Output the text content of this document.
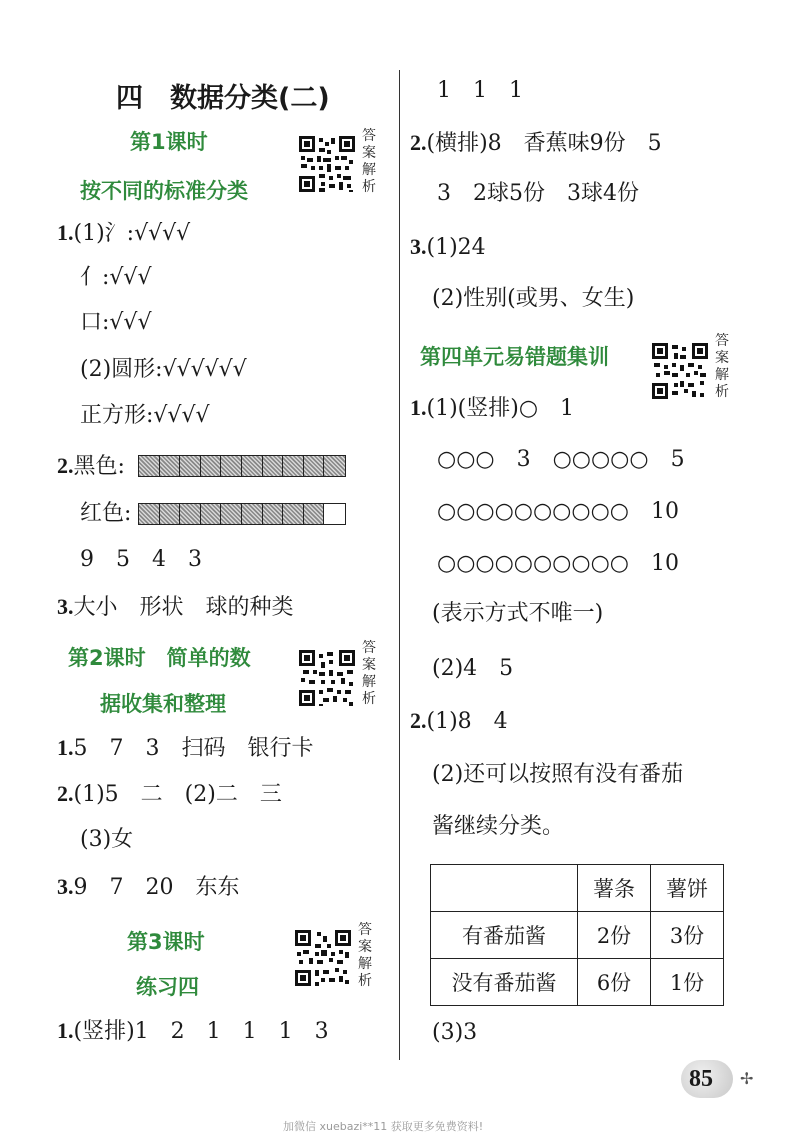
四　数据分类(二)
第1课时
按不同的标准分类
答案解析
1.(1)氵:√√√√
亻:√√√
口:√√√
(2)圆形:√√√√√√
正方形:√√√√
2.黑色:
红色:
9　5　4　3
3.大小　形状　球的种类
第2课时　简单的数
据收集和整理
答案解析
1.5　7　3　扫码　银行卡
2.(1)5　二　(2)二　三
(3)女
3.9　7　20　东东
第3课时
练习四
答案解析
1.(竖排)1　2　1　1　1　3
1　1　1
2.(横排)8　香蕉味9份　5
3　2球5份　3球4份
3.(1)24
(2)性别(或男、女生)
第四单元易错题集训
答案解析
1.(1)(竖排)○　1
○○○　3　○○○○○　5
○○○○○○○○○○　10
○○○○○○○○○○　10
(表示方式不唯一)
(2)4　5
2.(1)8　4
(2)还可以按照有没有番茄
酱继续分类。
	薯条	薯饼
有番茄酱	2份	3份
没有番茄酱	6份	1份
(3)3
85 ✢
加微信 xuebazi**11 获取更多免费资料!
